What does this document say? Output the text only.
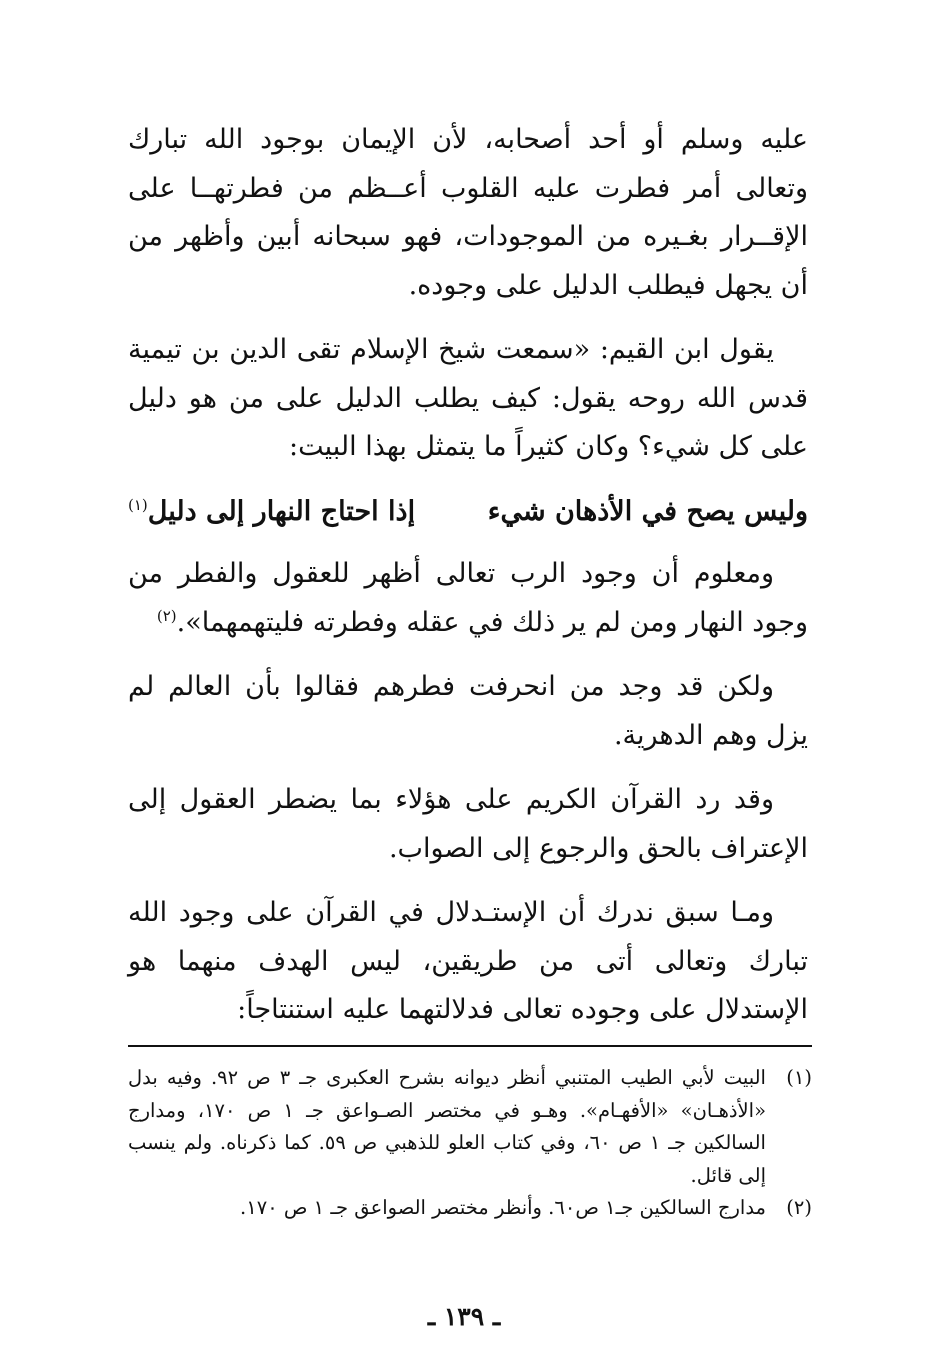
عليه وسلم أو أحد أصحابه، لأن الإيمان بوجود الله تبارك وتعالى أمر فطرت عليه القلوب أعــظم من فطرتهــا على الإقــرار بغـيره من الموجودات، فهو سبحانه أبين وأظهر من أن يجهل فيطلب الدليل على وجوده.

يقول ابن القيم: «سمعت شيخ الإسلام تقى الدين بن تيمية قدس الله روحه يقول: كيف يطلب الدليل على من هو دليل على كل شيء؟ وكان كثيراً ما يتمثل بهذا البيت:

وليس يصح في الأذهان شيء
إذا احتاج النهار إلى دليل$^{(١)}$

ومعلوم أن وجود الرب تعالى أظهر للعقول والفطر من وجود النهار ومن لم ير ذلك في عقله وفطرته فليتهمهما».$^{(٢)}$

ولكن قد وجد من انحرفت فطرهم فقالوا بأن العالم لم يزل وهم الدهرية.

وقد رد القرآن الكريم على هؤلاء بما يضطر العقول إلى الإعتراف بالحق والرجوع إلى الصواب.

ومـا سبق ندرك أن الإستـدلال في القرآن على وجود الله تبارك وتعالى أتى من طريقين، ليس الهدف منهما هو الإستدلال على وجوده تعالى فدلالتهما عليه استنتاجاً:

(١)
البيت لأبي الطيب المتنبي أنظر ديوانه بشرح العكبرى جـ ٣ ص ٩٢. وفيه بدل «الأذهـان» «الأفهـام». وهـو في مختصر الصـواعق جـ ١ ص ١٧٠، ومدارج السالكين جـ ١ ص ٦٠، وفي كتاب العلو للذهبي ص ٥٩. كما ذكرناه. ولم ينسب إلى قائل.
(٢)
مدارج السالكين جـ١ ص٦٠. وأنظر مختصر الصواعق جـ ١ ص ١٧٠.
ـ ١٣٩ ـ
